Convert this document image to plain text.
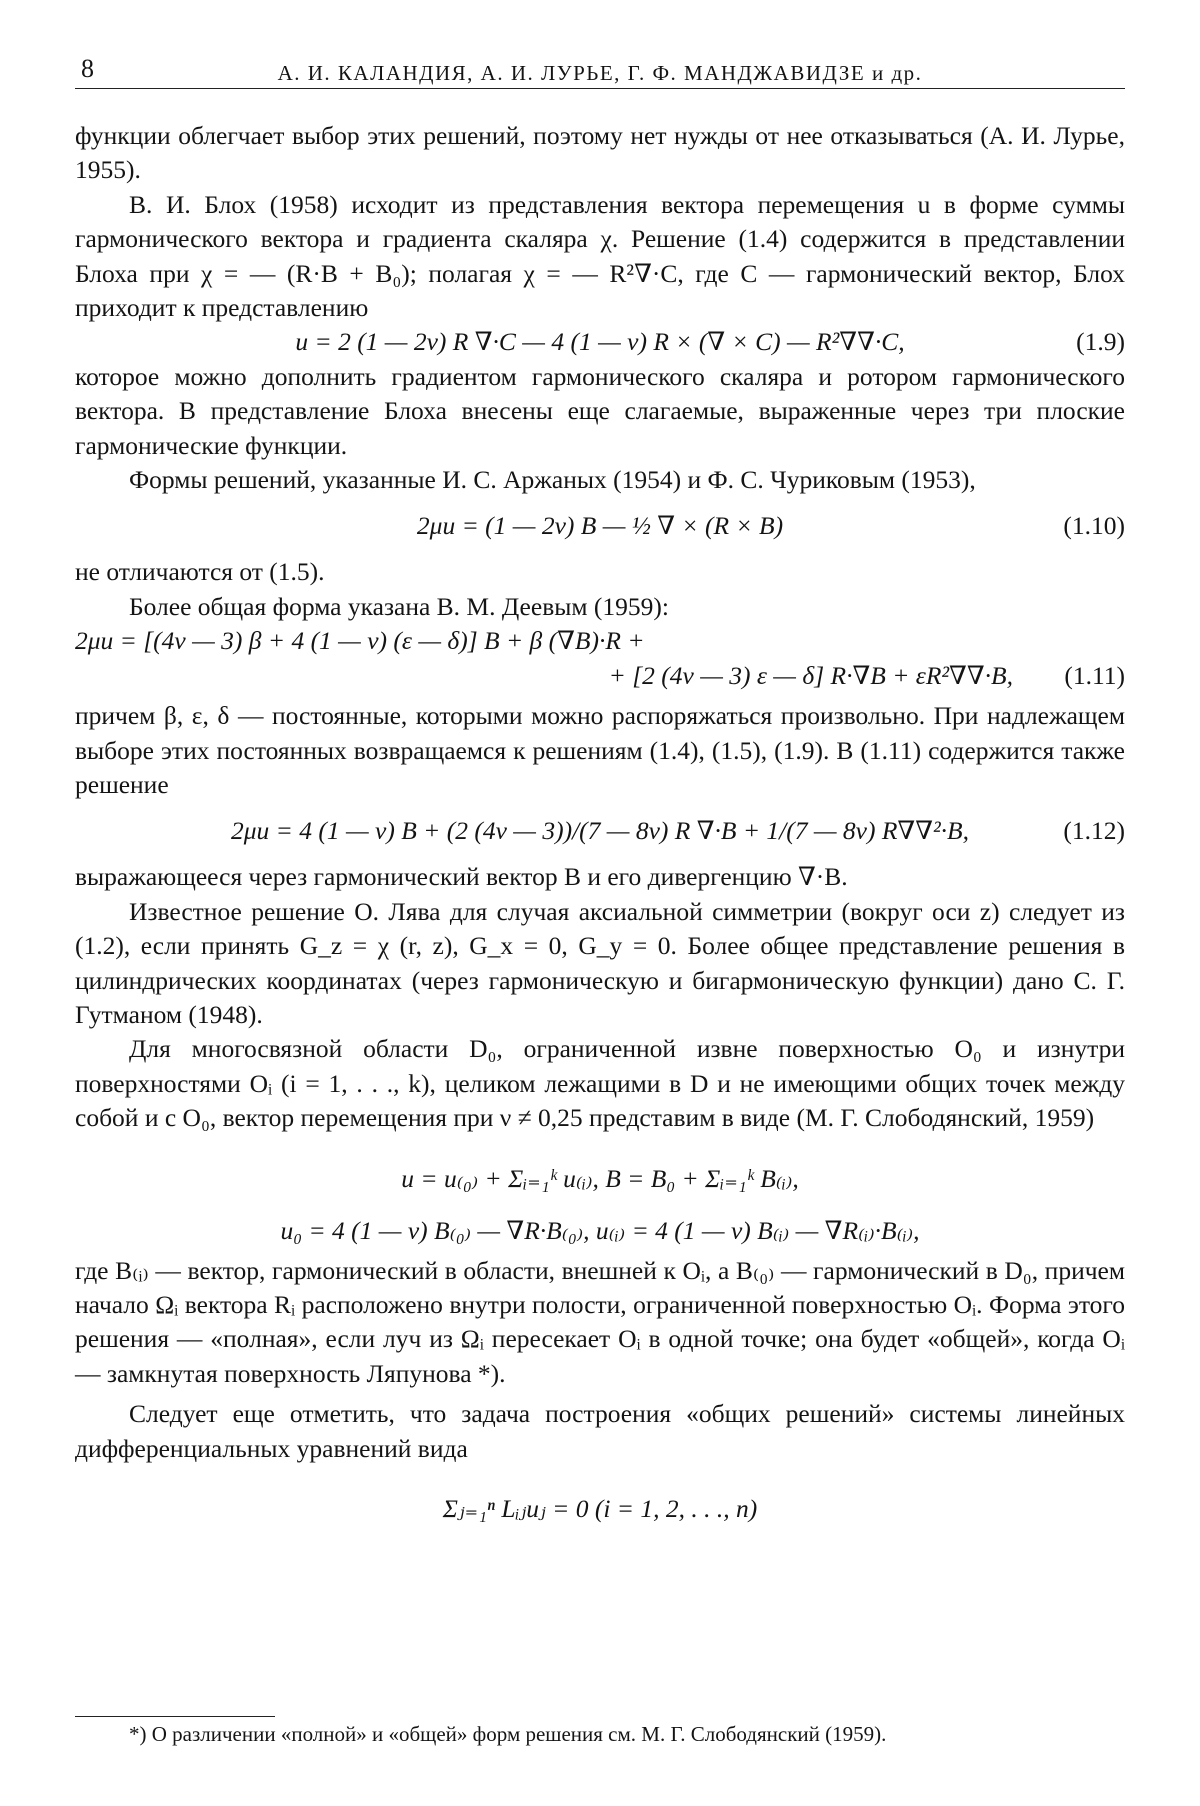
8	А. И. КАЛАНДИЯ, А. И. ЛУРЬЕ, Г. Ф. МАНДЖАВИДЗЕ и др.

функции облегчает выбор этих решений, поэтому нет нужды от нее отказываться (А. И. Лурье, 1955).

В. И. Блох (1958) исходит из представления вектора перемещения u в форме суммы гармонического вектора и градиента скаляра χ. Решение (1.4) содержится в представлении Блоха при χ = — (R·B + B₀); полагая χ = — R²∇·C, где C — гармонический вектор, Блох приходит к представлению

u = 2 (1 — 2ν) R ∇·C — 4 (1 — ν) R × (∇ × C) — R²∇∇·C,	(1.9)

которое можно дополнить градиентом гармонического скаляра и ротором гармонического вектора. В представление Блоха внесены еще слагаемые, выраженные через три плоские гармонические функции.

Формы решений, указанные И. С. Аржаных (1954) и Ф. С. Чуриковым (1953),

2μu = (1 — 2ν) B — ½ ∇ × (R × B)	(1.10)

не отличаются от (1.5).

Более общая форма указана В. М. Деевым (1959):

2μu = [(4ν — 3) β + 4 (1 — ν) (ε — δ)] B + β (∇B)·R +
+ [2 (4ν — 3) ε — δ] R·∇B + εR²∇∇·B, (1.11)

причем β, ε, δ — постоянные, которыми можно распоряжаться произвольно. При надлежащем выборе этих постоянных возвращаемся к решениям (1.4), (1.5), (1.9). В (1.11) содержится также решение

2μu = 4 (1 — ν) B + (2 (4ν — 3))/(7 — 8ν) R ∇·B + 1/(7 — 8ν) R∇∇²·B,	(1.12)

выражающееся через гармонический вектор B и его дивергенцию ∇·B.

Известное решение О. Лява для случая аксиальной симметрии (вокруг оси z) следует из (1.2), если принять G_z = χ (r, z), G_x = 0, G_y = 0. Более общее представление решения в цилиндрических координатах (через гармоническую и бигармоническую функции) дано С. Г. Гутманом (1948).

Для многосвязной области D₀, ограниченной извне поверхностью O₀ и изнутри поверхностями Oᵢ (i = 1, . . ., k), целиком лежащими в D и не имеющими общих точек между собой и с O₀, вектор перемещения при ν ≠ 0,25 представим в виде (М. Г. Слободянский, 1959)

u = u₍₀₎ + Σᵢ₌₁ᵏ u₍ᵢ₎, B = B₀ + Σᵢ₌₁ᵏ B₍ᵢ₎,
u₀ = 4 (1 — ν) B₍₀₎ — ∇R·B₍₀₎, u₍ᵢ₎ = 4 (1 — ν) B₍ᵢ₎ — ∇R₍ᵢ₎·B₍ᵢ₎,

где B₍ᵢ₎ — вектор, гармонический в области, внешней к Oᵢ, а B₍₀₎ — гармонический в D₀, причем начало Ωᵢ вектора Rᵢ расположено внутри полости, ограниченной поверхностью Oᵢ. Форма этого решения — «полная», если луч из Ωᵢ пересекает Oᵢ в одной точке; она будет «общей», когда Oᵢ — замкнутая поверхность Ляпунова *).

Следует еще отметить, что задача построения «общих решений» системы линейных дифференциальных уравнений вида

Σⱼ₌₁ⁿ Lᵢⱼuⱼ = 0 (i = 1, 2, . . ., n)
*) О различении «полной» и «общей» форм решения см. М. Г. Слободянский (1959).
